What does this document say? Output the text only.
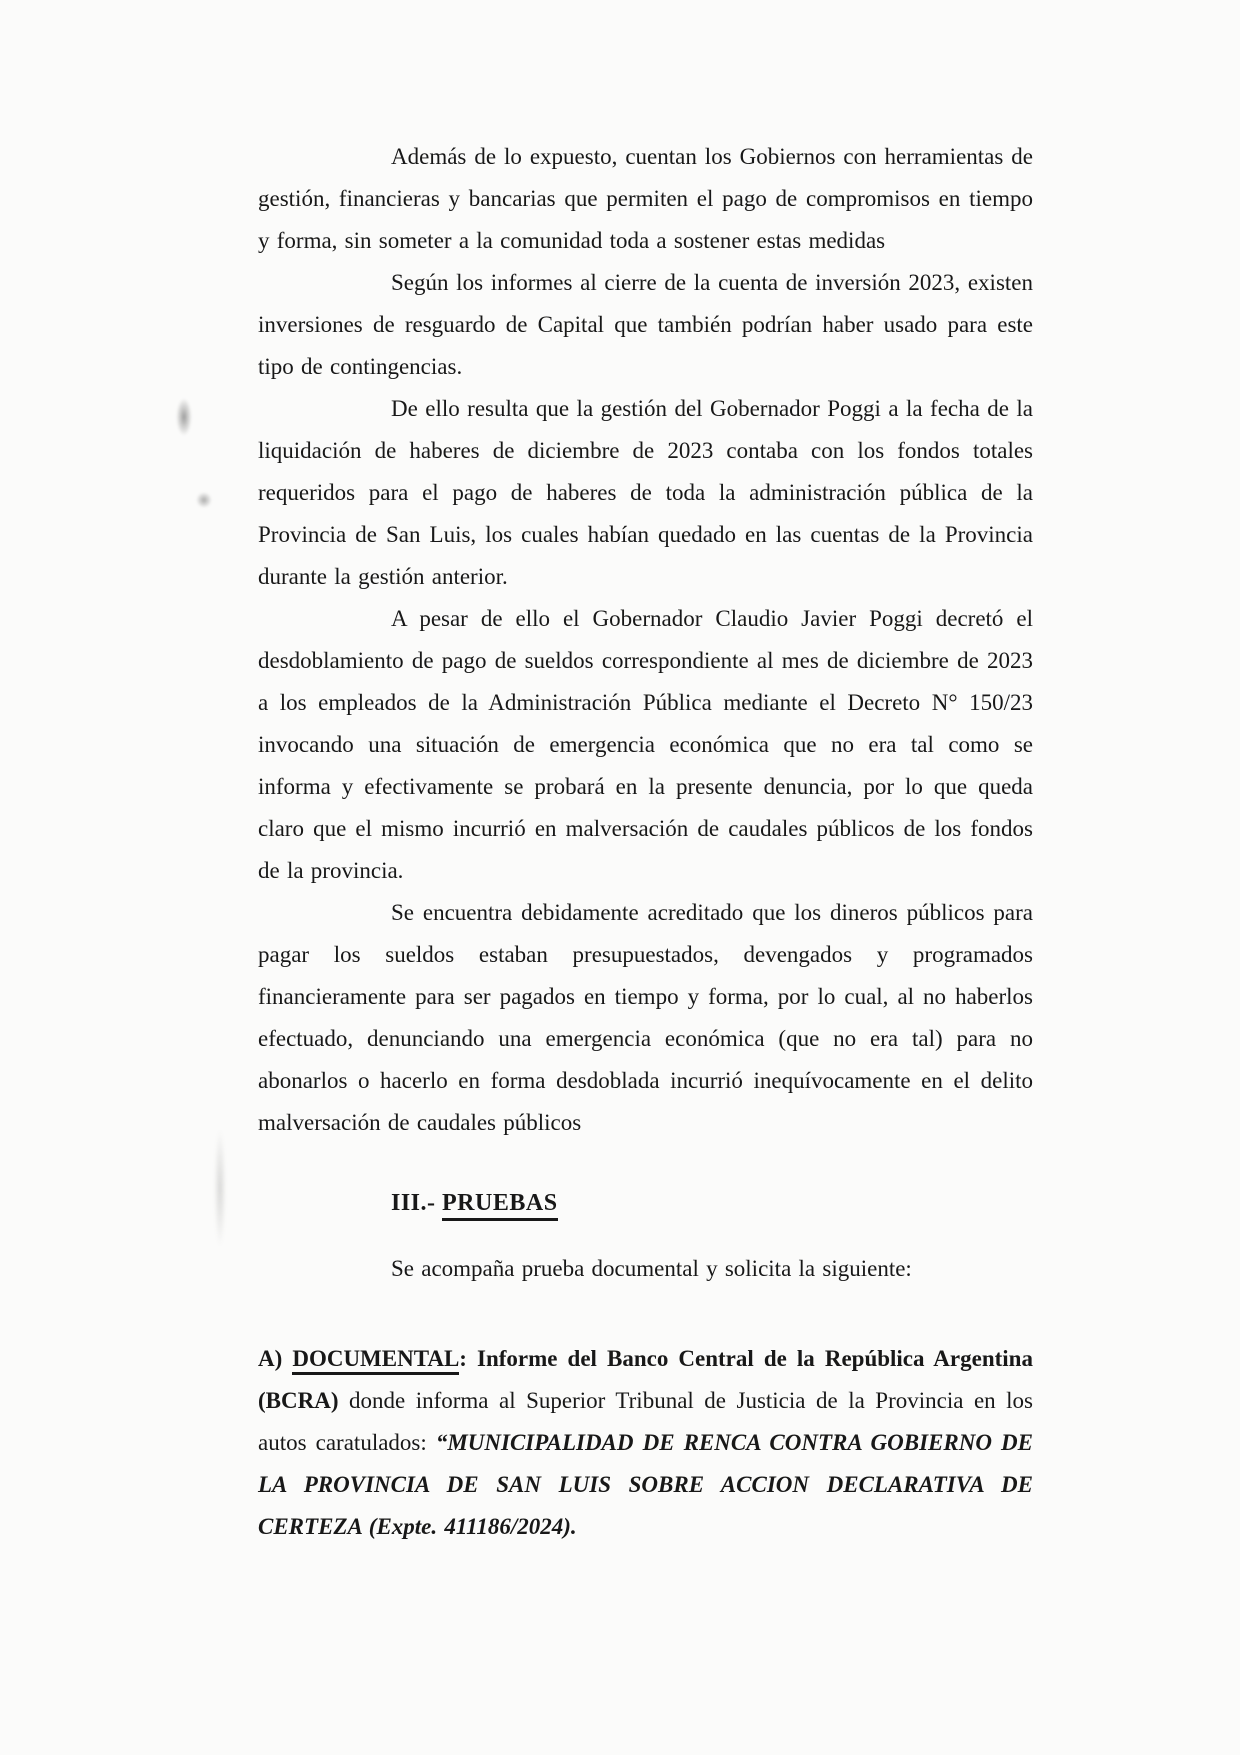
Además de lo expuesto, cuentan los Gobiernos con herramientas de gestión, financieras y bancarias que permiten el pago de compromisos en tiempo y forma, sin someter a la comunidad toda a sostener estas medidas

Según los informes al cierre de la cuenta de inversión 2023, existen inversiones de resguardo de Capital que también podrían haber usado para este tipo de contingencias.

De ello resulta que la gestión del Gobernador Poggi a la fecha de la liquidación de haberes de diciembre de 2023 contaba con los fondos totales requeridos para el pago de haberes de toda la administración pública de la Provincia de San Luis, los cuales habían quedado en las cuentas de la Provincia durante la gestión anterior.

A pesar de ello el Gobernador Claudio Javier Poggi decretó el desdoblamiento de pago de sueldos correspondiente al mes de diciembre de 2023 a los empleados de la Administración Pública mediante el Decreto N° 150/23 invocando una situación de emergencia económica que no era tal como se informa y efectivamente se probará en la presente denuncia, por lo que queda claro que el mismo incurrió en malversación de caudales públicos de los fondos de la provincia.

Se encuentra debidamente acreditado que los dineros públicos para pagar los sueldos estaban presupuestados, devengados y programados financieramente para ser pagados en tiempo y forma, por lo cual, al no haberlos efectuado, denunciando una emergencia económica (que no era tal) para no abonarlos o hacerlo en forma desdoblada incurrió inequívocamente en el delito malversación de caudales públicos

III.- PRUEBAS

Se acompaña prueba documental y solicita la siguiente:

A) DOCUMENTAL: Informe del Banco Central de la República Argentina (BCRA) donde informa al Superior Tribunal de Justicia de la Provincia en los autos caratulados: “MUNICIPALIDAD DE RENCA CONTRA GOBIERNO DE LA PROVINCIA DE SAN LUIS SOBRE ACCION DECLARATIVA DE CERTEZA (Expte. 411186/2024).
